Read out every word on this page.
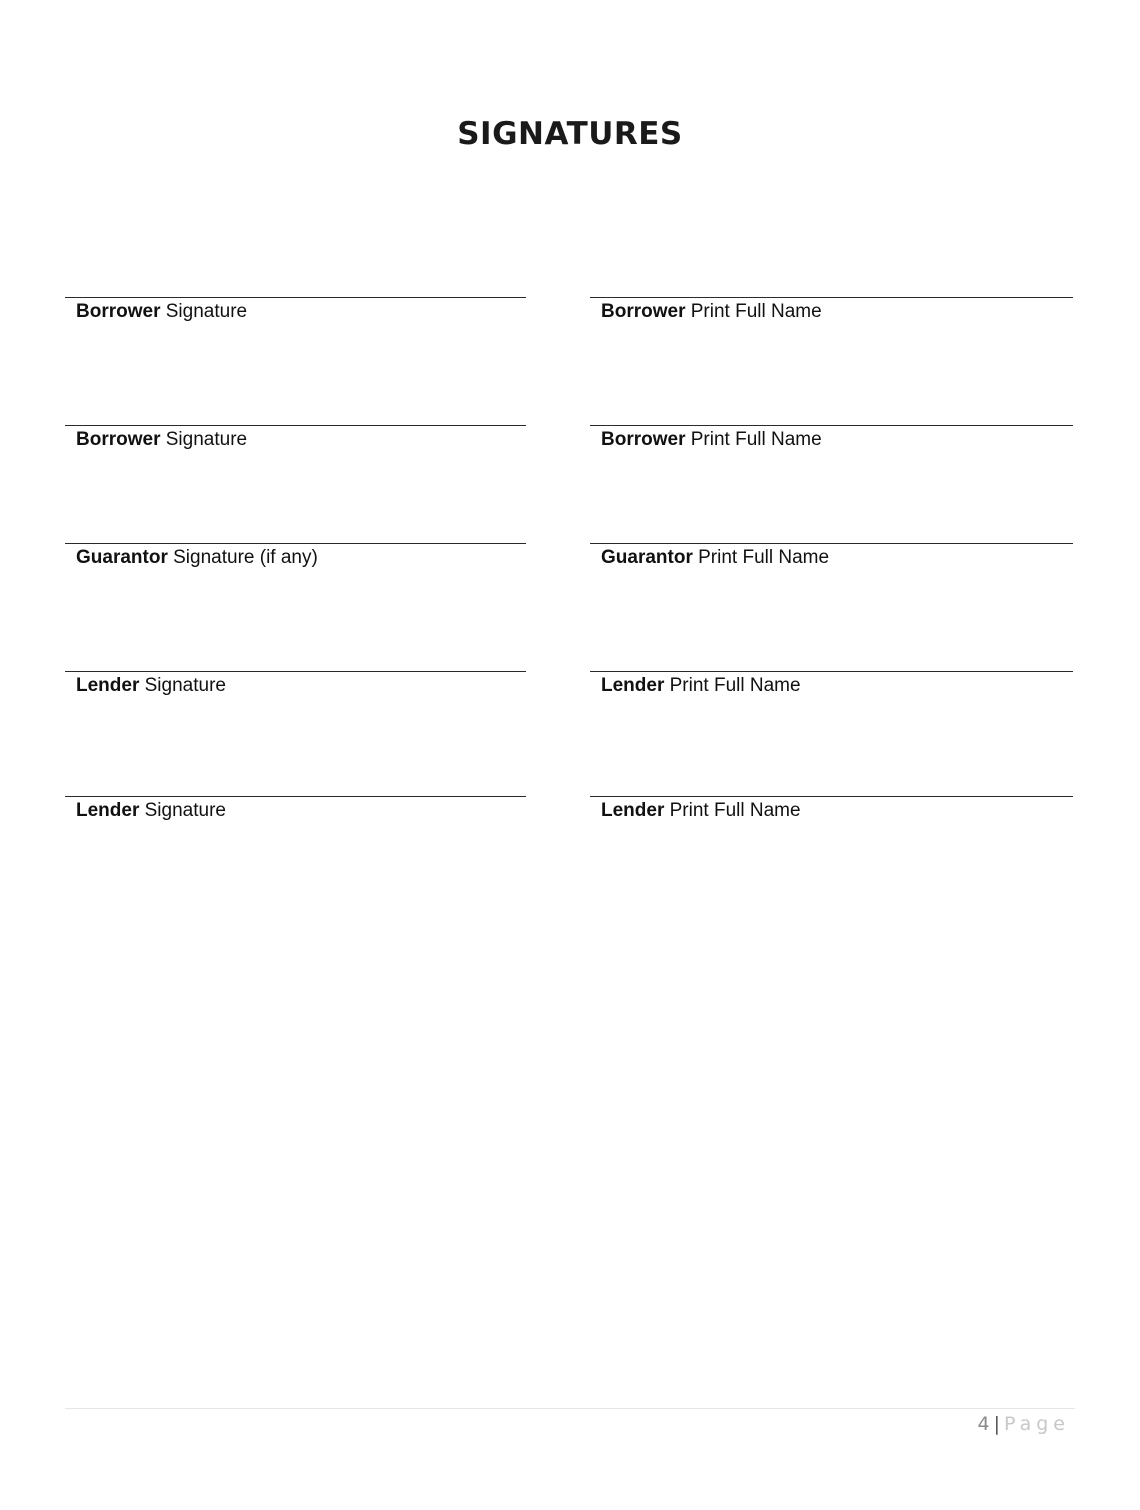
SIGNATURES
Borrower Signature	Borrower Print Full Name
Borrower Signature	Borrower Print Full Name
Guarantor Signature (if any)	Guarantor Print Full Name
Lender Signature	Lender Print Full Name
Lender Signature	Lender Print Full Name
4 | Page
